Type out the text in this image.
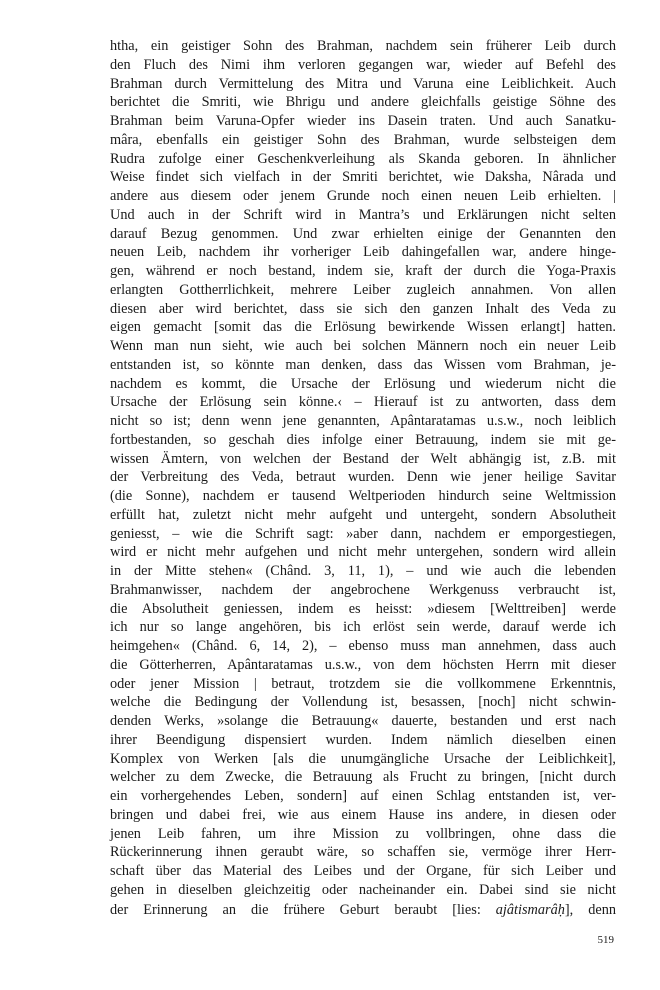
htha, ein geistiger Sohn des Brahman, nachdem sein früherer Leib durch
den Fluch des Nimi ihm verloren gegangen war, wieder auf Befehl des
Brahman durch Vermittelung des Mitra und Varuna eine Leiblichkeit. Auch
berichtet die Smriti, wie Bhrigu und andere gleichfalls geistige Söhne des
Brahman beim Varuna-Opfer wieder ins Dasein traten. Und auch Sanatku-
mâra, ebenfalls ein geistiger Sohn des Brahman, wurde selbsteigen dem
Rudra zufolge einer Geschenkverleihung als Skanda geboren. In ähnlicher
Weise findet sich vielfach in der Smriti berichtet, wie Daksha, Nârada und
andere aus diesem oder jenem Grunde noch einen neuen Leib erhielten. |
Und auch in der Schrift wird in Mantra’s und Erklärungen nicht selten
darauf Bezug genommen. Und zwar erhielten einige der Genannten den
neuen Leib, nachdem ihr vorheriger Leib dahingefallen war, andere hinge-
gen, während er noch bestand, indem sie, kraft der durch die Yoga-Praxis
erlangten Gottherrlichkeit, mehrere Leiber zugleich annahmen. Von allen
diesen aber wird berichtet, dass sie sich den ganzen Inhalt des Veda zu
eigen gemacht [somit das die Erlösung bewirkende Wissen erlangt] hatten.
Wenn man nun sieht, wie auch bei solchen Männern noch ein neuer Leib
entstanden ist, so könnte man denken, dass das Wissen vom Brahman, je-
nachdem es kommt, die Ursache der Erlösung und wiederum nicht die
Ursache der Erlösung sein könne.‹ – Hierauf ist zu antworten, dass dem
nicht so ist; denn wenn jene genannten, Apântaratamas u.s.w., noch leiblich
fortbestanden, so geschah dies infolge einer Betrauung, indem sie mit ge-
wissen Ämtern, von welchen der Bestand der Welt abhängig ist, z.B. mit
der Verbreitung des Veda, betraut wurden. Denn wie jener heilige Savitar
(die Sonne), nachdem er tausend Weltperioden hindurch seine Weltmission
erfüllt hat, zuletzt nicht mehr aufgeht und untergeht, sondern Absolutheit
geniesst, – wie die Schrift sagt: »aber dann, nachdem er emporgestiegen,
wird er nicht mehr aufgehen und nicht mehr untergehen, sondern wird allein
in der Mitte stehen« (Chând. 3, 11, 1), – und wie auch die lebenden
Brahmanwisser, nachdem der angebrochene Werkgenuss verbraucht ist,
die Absolutheit geniessen, indem es heisst: »diesem [Welttreiben] werde
ich nur so lange angehören, bis ich erlöst sein werde, darauf werde ich
heimgehen« (Chând. 6, 14, 2), – ebenso muss man annehmen, dass auch
die Götterherren, Apântaratamas u.s.w., von dem höchsten Herrn mit dieser
oder jener Mission | betraut, trotzdem sie die vollkommene Erkenntnis,
welche die Bedingung der Vollendung ist, besassen, [noch] nicht schwin-
denden Werks, »solange die Betrauung« dauerte, bestanden und erst nach
ihrer Beendigung dispensiert wurden. Indem nämlich dieselben einen
Komplex von Werken [als die unumgängliche Ursache der Leiblichkeit],
welcher zu dem Zwecke, die Betrauung als Frucht zu bringen, [nicht durch
ein vorhergehendes Leben, sondern] auf einen Schlag entstanden ist, ver-
bringen und dabei frei, wie aus einem Hause ins andere, in diesen oder
jenen Leib fahren, um ihre Mission zu vollbringen, ohne dass die
Rückerinnerung ihnen geraubt wäre, so schaffen sie, vermöge ihrer Herr-
schaft über das Material des Leibes und der Organe, für sich Leiber und
gehen in dieselben gleichzeitig oder nacheinander ein. Dabei sind sie nicht
der Erinnerung an die frühere Geburt beraubt [lies: ajâtismarâḥ], denn
519
